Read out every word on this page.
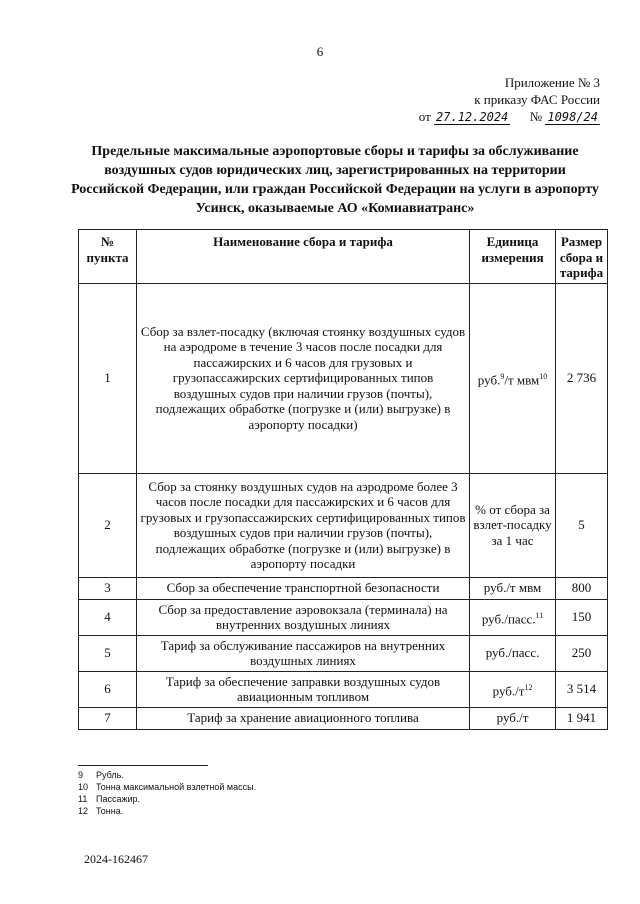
6
Приложение № 3
к приказу ФАС России
от 27.12.2024 № 1098/24
Предельные максимальные аэропортовые сборы и тарифы за обслуживание воздушных судов юридических лиц, зарегистрированных на территории Российской Федерации, или граждан Российской Федерации на услуги в аэропорту Усинск, оказываемые АО «Комиавиатранс»
№ пункта	Наименование сбора и тарифа	Единица измерения	Размер сбора и тарифа
1	Сбор за взлет-посадку (включая стоянку воздушных судов на аэродроме в течение 3 часов после посадки для пассажирских и 6 часов для грузовых и грузопассажирских сертифицированных типов воздушных судов при наличии грузов (почты), подлежащих обработке (погрузке и (или) выгрузке) в аэропорту посадки)	руб.$^9$/т мвм$^{10}$	2 736
2	Сбор за стоянку воздушных судов на аэродроме более 3 часов после посадки для пассажирских и 6 часов для грузовых и грузопассажирских сертифицированных типов воздушных судов при наличии грузов (почты), подлежащих обработке (погрузке и (или) выгрузке) в аэропорту посадки	% от сбора за взлет-посадку за 1 час	5
3	Сбор за обеспечение транспортной безопасности	руб./т мвм	800
4	Сбор за предоставление аэровокзала (терминала) на внутренних воздушных линиях	руб./пасс.$^{11}$	150
5	Тариф за обслуживание пассажиров на внутренних воздушных линиях	руб./пасс.	250
6	Тариф за обеспечение заправки воздушных судов авиационным топливом	$руб./т^{12}$	3 514
7	Тариф за хранение авиационного топлива	руб./т	1 941
9 Рубль.
10 Тонна максимальной взлетной массы.
11 Пассажир.
12 Тонна.
2024-162467
